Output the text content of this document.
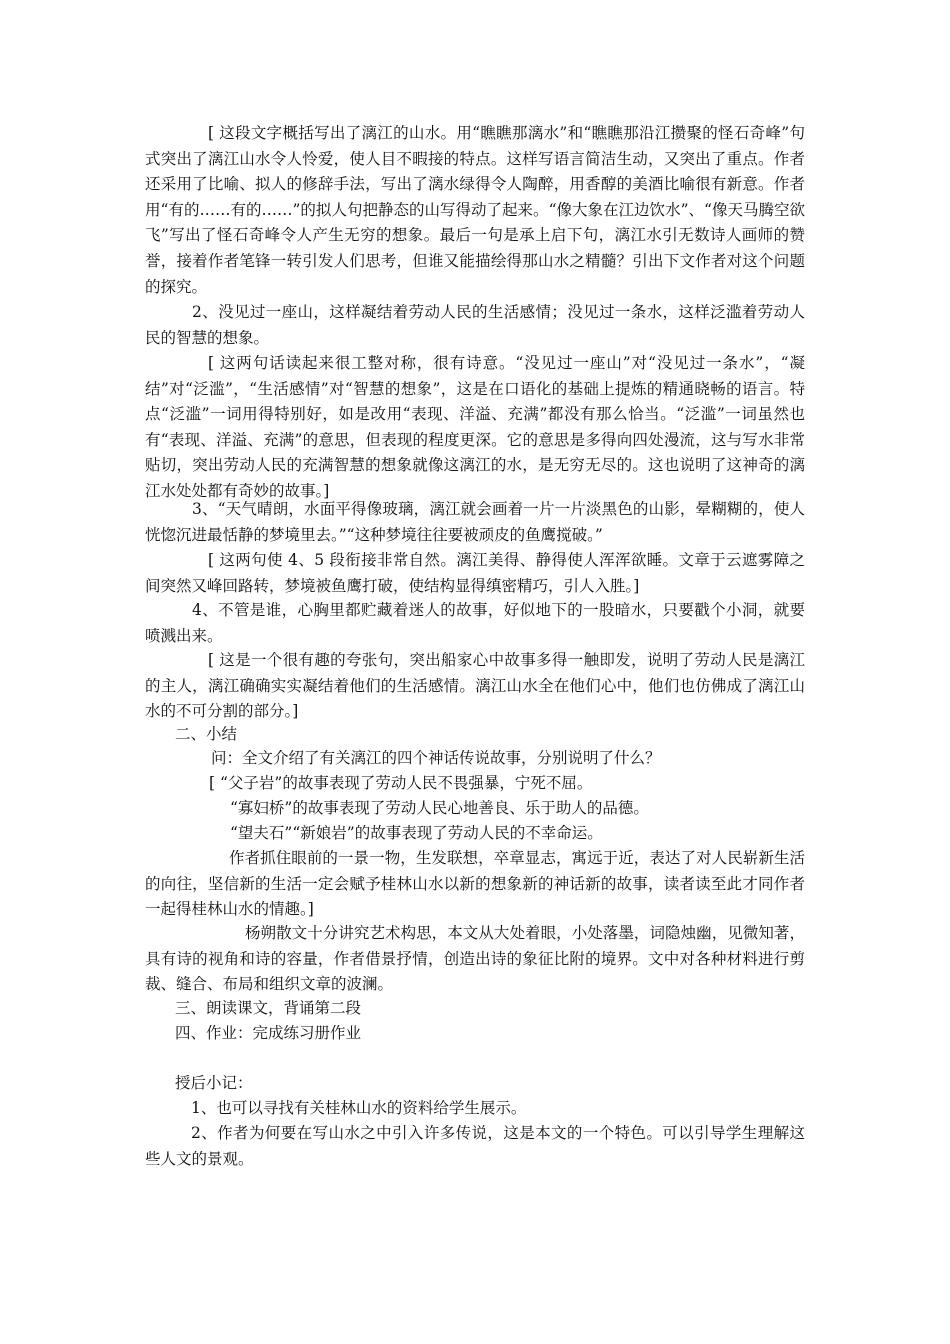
[ 这段文字概括写出了漓江的山水。用“瞧瞧那漓水”和“瞧瞧那沿江攒聚的怪石奇峰”句式突出了漓江山水令人怜爱，使人目不暇接的特点。这样写语言简洁生动，又突出了重点。作者还采用了比喻、拟人的修辞手法，写出了漓水绿得令人陶醉，用香醇的美酒比喻很有新意。作者用“有的……有的……”的拟人句把静态的山写得动了起来。“像大象在江边饮水”、“像天马腾空欲飞”写出了怪石奇峰令人产生无穷的想象。最后一句是承上启下句，漓江水引无数诗人画师的赞誉，接着作者笔锋一转引发人们思考，但谁又能描绘得那山水之精髓？引出下文作者对这个问题的探究。

2、没见过一座山，这样凝结着劳动人民的生活感情；没见过一条水，这样泛滥着劳动人民的智慧的想象。

[ 这两句话读起来很工整对称，很有诗意。“没见过一座山”对“没见过一条水”，“凝结”对“泛滥”，“生活感情”对“智慧的想象”，这是在口语化的基础上提炼的精通晓畅的语言。特点“泛滥”一词用得特别好，如是改用“表现、洋溢、充满”都没有那么恰当。“泛滥”一词虽然也有“表现、洋溢、充满”的意思，但表现的程度更深。它的意思是多得向四处漫流，这与写水非常贴切，突出劳动人民的充满智慧的想象就像这漓江的水，是无穷无尽的。这也说明了这神奇的漓江水处处都有奇妙的故事。]

3、“天气晴朗，水面平得像玻璃，漓江就会画着一片一片淡黑色的山影，晕糊糊的，使人恍惚沉进最恬静的梦境里去。”“这种梦境往往要被顽皮的鱼鹰搅破。”

[ 这两句使 4、5 段衔接非常自然。漓江美得、静得使人浑浑欲睡。文章于云遮雾障之间突然又峰回路转，梦境被鱼鹰打破，使结构显得缜密精巧，引人入胜。]

4、不管是谁，心胸里都贮藏着迷人的故事，好似地下的一股暗水，只要戳个小洞，就要喷溅出来。

[ 这是一个很有趣的夸张句，突出船家心中故事多得一触即发，说明了劳动人民是漓江的主人，漓江确确实实凝结着他们的生活感情。漓江山水全在他们心中，他们也仿佛成了漓江山水的不可分割的部分。]

二、小结

问：全文介绍了有关漓江的四个神话传说故事，分别说明了什么？

[ “父子岩”的故事表现了劳动人民不畏强暴，宁死不屈。

“寡妇桥”的故事表现了劳动人民心地善良、乐于助人的品德。

“望夫石”“新娘岩”的故事表现了劳动人民的不幸命运。

作者抓住眼前的一景一物，生发联想，卒章显志，寓远于近，表达了对人民崭新生活的向往，坚信新的生活一定会赋予桂林山水以新的想象新的神话新的故事，读者读至此才同作者一起得桂林山水的情趣。]

杨朔散文十分讲究艺术构思，本文从大处着眼，小处落墨，词隐烛幽，见微知著，具有诗的视角和诗的容量，作者借景抒情，创造出诗的象征比附的境界。文中对各种材料进行剪裁、缝合、布局和组织文章的波澜。

三、朗读课文，背诵第二段

四、作业：完成练习册作业

授后小记：

1、也可以寻找有关桂林山水的资料给学生展示。

2、作者为何要在写山水之中引入许多传说，这是本文的一个特色。可以引导学生理解这些人文的景观。
